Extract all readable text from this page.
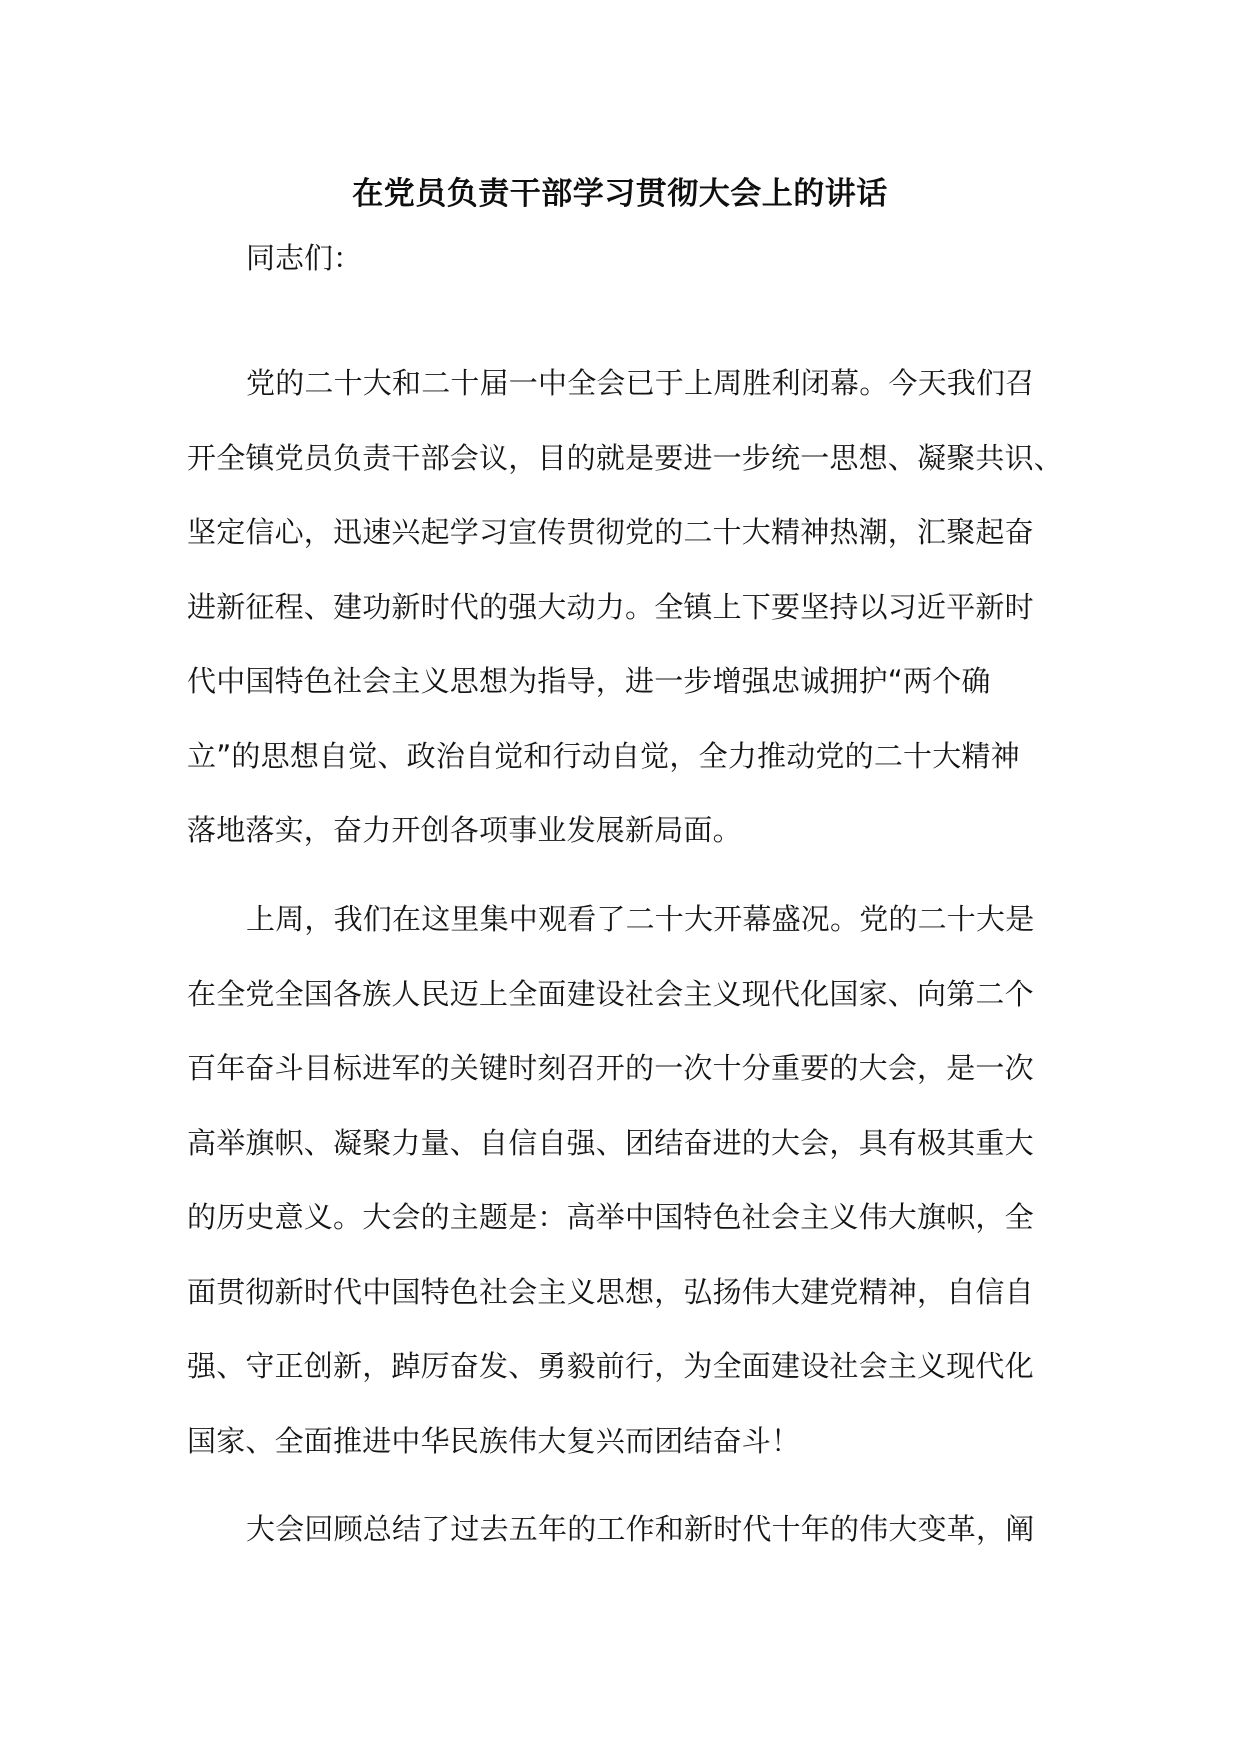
在党员负责干部学习贯彻大会上的讲话
同志们：
党的二十大和二十届一中全会已于上周胜利闭幕。今天我们召
开全镇党员负责干部会议，目的就是要进一步统一思想、凝聚共识、
坚定信心，迅速兴起学习宣传贯彻党的二十大精神热潮，汇聚起奋
进新征程、建功新时代的强大动力。全镇上下要坚持以习近平新时
代中国特色社会主义思想为指导，进一步增强忠诚拥护“两个确
立”的思想自觉、政治自觉和行动自觉，全力推动党的二十大精神
落地落实，奋力开创各项事业发展新局面。
上周，我们在这里集中观看了二十大开幕盛况。党的二十大是
在全党全国各族人民迈上全面建设社会主义现代化国家、向第二个
百年奋斗目标进军的关键时刻召开的一次十分重要的大会，是一次
高举旗帜、凝聚力量、自信自强、团结奋进的大会，具有极其重大
的历史意义。大会的主题是：高举中国特色社会主义伟大旗帜，全
面贯彻新时代中国特色社会主义思想，弘扬伟大建党精神，自信自
强、守正创新，踔厉奋发、勇毅前行，为全面建设社会主义现代化
国家、全面推进中华民族伟大复兴而团结奋斗！
大会回顾总结了过去五年的工作和新时代十年的伟大变革，阐
